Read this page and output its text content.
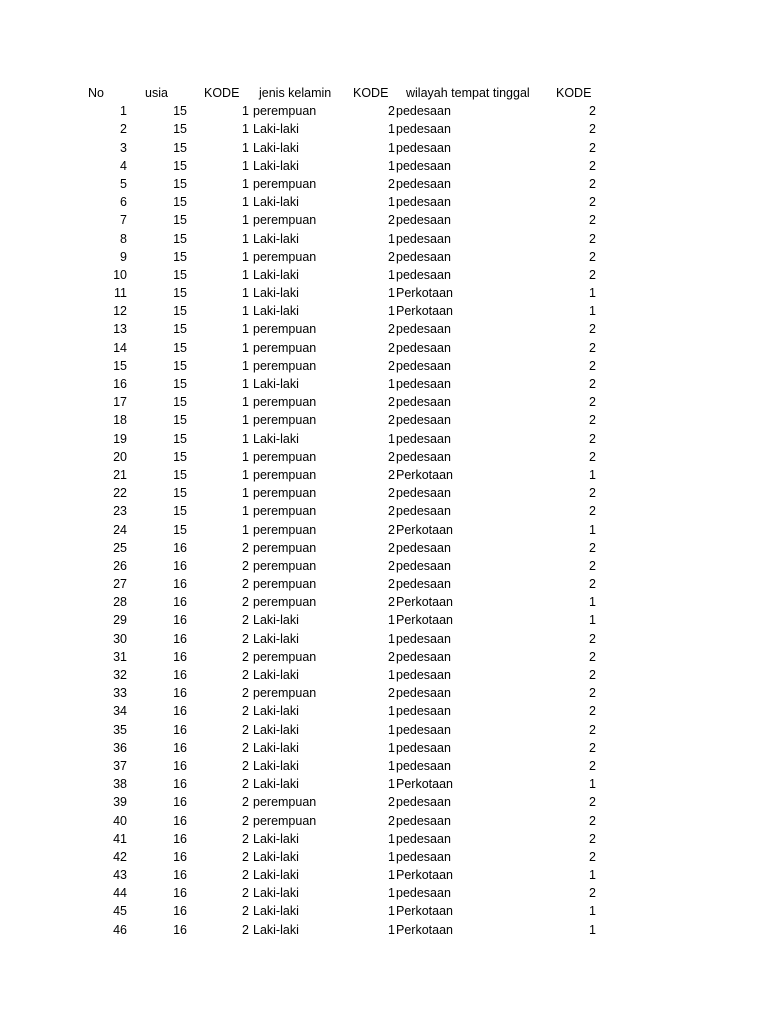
No	usia	KODE jenis kelamin KODE wilayah tempat tinggal KODE
1	15	1 perempuan	2 pedesaan	2
2	15	1 Laki-laki	1 pedesaan	2
3	15	1 Laki-laki	1 pedesaan	2
4	15	1 Laki-laki	1 pedesaan	2
5	15	1 perempuan	2 pedesaan	2
6	15	1 Laki-laki	1 pedesaan	2
7	15	1 perempuan	2 pedesaan	2
8	15	1 Laki-laki	1 pedesaan	2
9	15	1 perempuan	2 pedesaan	2
10	15	1 Laki-laki	1 pedesaan	2
11	15	1 Laki-laki	1 Perkotaan	1
12	15	1 Laki-laki	1 Perkotaan	1
13	15	1 perempuan	2 pedesaan	2
14	15	1 perempuan	2 pedesaan	2
15	15	1 perempuan	2 pedesaan	2
16	15	1 Laki-laki	1 pedesaan	2
17	15	1 perempuan	2 pedesaan	2
18	15	1 perempuan	2 pedesaan	2
19	15	1 Laki-laki	1 pedesaan	2
20	15	1 perempuan	2 pedesaan	2
21	15	1 perempuan	2 Perkotaan	1
22	15	1 perempuan	2 pedesaan	2
23	15	1 perempuan	2 pedesaan	2
24	15	1 perempuan	2 Perkotaan	1
25	16	2 perempuan	2 pedesaan	2
26	16	2 perempuan	2 pedesaan	2
27	16	2 perempuan	2 pedesaan	2
28	16	2 perempuan	2 Perkotaan	1
29	16	2 Laki-laki	1 Perkotaan	1
30	16	2 Laki-laki	1 pedesaan	2
31	16	2 perempuan	2 pedesaan	2
32	16	2 Laki-laki	1 pedesaan	2
33	16	2 perempuan	2 pedesaan	2
34	16	2 Laki-laki	1 pedesaan	2
35	16	2 Laki-laki	1 pedesaan	2
36	16	2 Laki-laki	1 pedesaan	2
37	16	2 Laki-laki	1 pedesaan	2
38	16	2 Laki-laki	1 Perkotaan	1
39	16	2 perempuan	2 pedesaan	2
40	16	2 perempuan	2 pedesaan	2
41	16	2 Laki-laki	1 pedesaan	2
42	16	2 Laki-laki	1 pedesaan	2
43	16	2 Laki-laki	1 Perkotaan	1
44	16	2 Laki-laki	1 pedesaan	2
45	16	2 Laki-laki	1 Perkotaan	1
46	16	2 Laki-laki	1 Perkotaan	1
